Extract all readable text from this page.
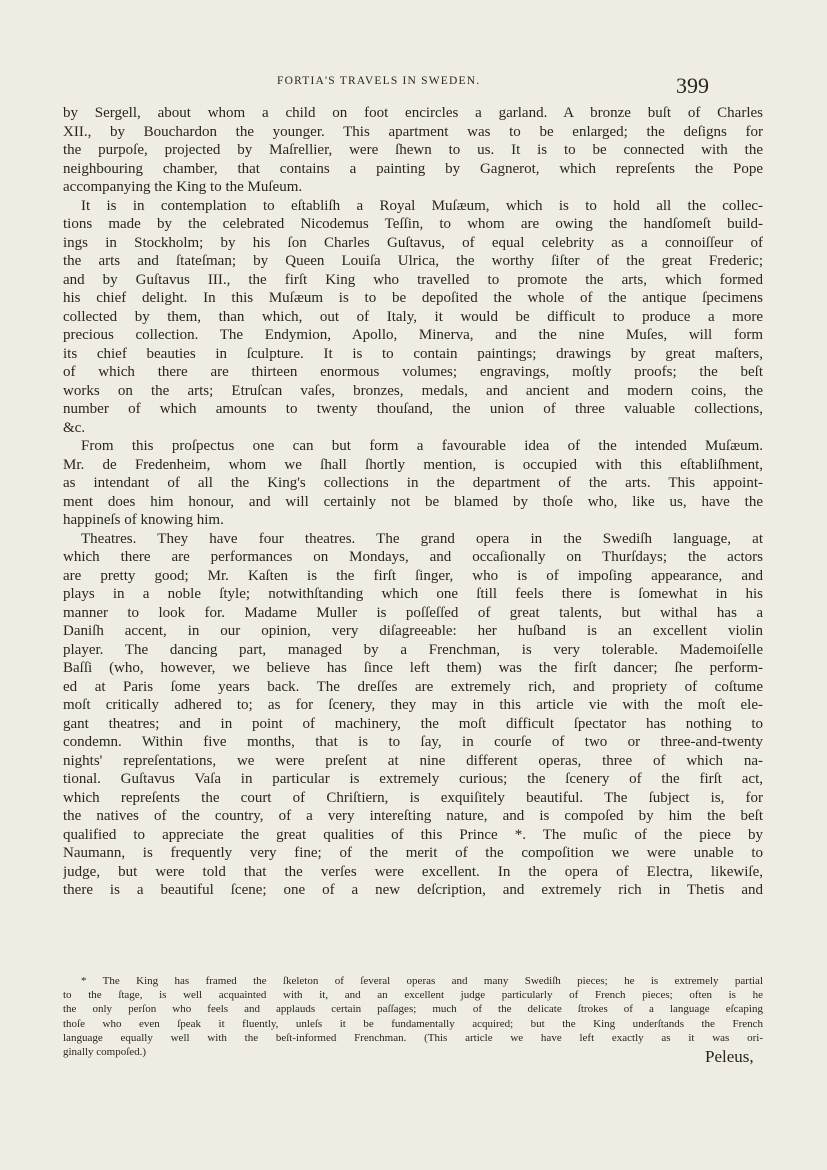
FORTIA'S TRAVELS IN SWEDEN.	399
by Sergell, about whom a child on foot encircles a garland. A bronze buſt of Charles
XII., by Bouchardon the younger. This apartment was to be enlarged; the deſigns for
the purpoſe, projected by Maſrellier, were ſhewn to us. It is to be connected with the
neighbouring chamber, that contains a painting by Gagnerot, which repreſents the Pope
accompanying the King to the Muſeum.
It is in contemplation to eſtabliſh a Royal Muſæum, which is to hold all the collec-
tions made by the celebrated Nicodemus Teſſin, to whom are owing the handſomeſt build-
ings in Stockholm; by his ſon Charles Guſtavus, of equal celebrity as a connoiſſeur of
the arts and ſtateſman; by Queen Louiſa Ulrica, the worthy ſiſter of the great Frederic;
and by Guſtavus III., the firſt King who travelled to promote the arts, which formed
his chief delight. In this Muſæum is to be depoſited the whole of the antique ſpecimens
collected by them, than which, out of Italy, it would be difficult to produce a more
precious collection. The Endymion, Apollo, Minerva, and the nine Muſes, will form
its chief beauties in ſculpture. It is to contain paintings; drawings by great maſters,
of which there are thirteen enormous volumes; engravings, moſtly proofs; the beſt
works on the arts; Etruſcan vaſes, bronzes, medals, and ancient and modern coins, the
number of which amounts to twenty thouſand, the union of three valuable collections,
&c.
From this proſpectus one can but form a favourable idea of the intended Muſæum.
Mr. de Fredenheim, whom we ſhall ſhortly mention, is occupied with this eſtabliſhment,
as intendant of all the King's collections in the department of the arts. This appoint-
ment does him honour, and will certainly not be blamed by thoſe who, like us, have the
happineſs of knowing him.
Theatres. They have four theatres. The grand opera in the Swediſh language, at
which there are performances on Mondays, and occaſionally on Thurſdays; the actors
are pretty good; Mr. Kaſten is the firſt ſinger, who is of impoſing appearance, and
plays in a noble ſtyle; notwithſtanding which one ſtill feels there is ſomewhat in his
manner to look for. Madame Muller is poſſeſſed of great talents, but withal has a
Daniſh accent, in our opinion, very diſagreeable: her huſband is an excellent violin
player. The dancing part, managed by a Frenchman, is very tolerable. Mademoiſelle
Baſſi (who, however, we believe has ſince left them) was the firſt dancer; ſhe perform-
ed at Paris ſome years back. The dreſſes are extremely rich, and propriety of coſtume
moſt critically adhered to; as for ſcenery, they may in this article vie with the moſt ele-
gant theatres; and in point of machinery, the moſt difficult ſpectator has nothing to
condemn. Within five months, that is to ſay, in courſe of two or three-and-twenty
nights' repreſentations, we were preſent at nine different operas, three of which na-
tional. Guſtavus Vaſa in particular is extremely curious; the ſcenery of the firſt act,
which repreſents the court of Chriſtiern, is exquiſitely beautiful. The ſubject is, for
the natives of the country, of a very intereſting nature, and is compoſed by him the beſt
qualified to appreciate the great qualities of this Prince *. The muſic of the piece by
Naumann, is frequently very fine; of the merit of the compoſition we were unable to
judge, but were told that the verſes were excellent. In the opera of Electra, likewiſe,
there is a beautiful ſcene; one of a new deſcription, and extremely rich in Thetis and
* The King has framed the ſkeleton of ſeveral operas and many Swediſh pieces; he is extremely partial
to the ſtage, is well acquainted with it, and an excellent judge particularly of French pieces; often is he
the only perſon who feels and applauds certain paſſages; much of the delicate ſtrokes of a language eſcaping
thoſe who even ſpeak it fluently, unleſs it be fundamentally acquired; but the King underſtands the French
language equally well with the beſt-informed Frenchman. (This article we have left exactly as it was ori-
ginally compoſed.)	Peleus,
